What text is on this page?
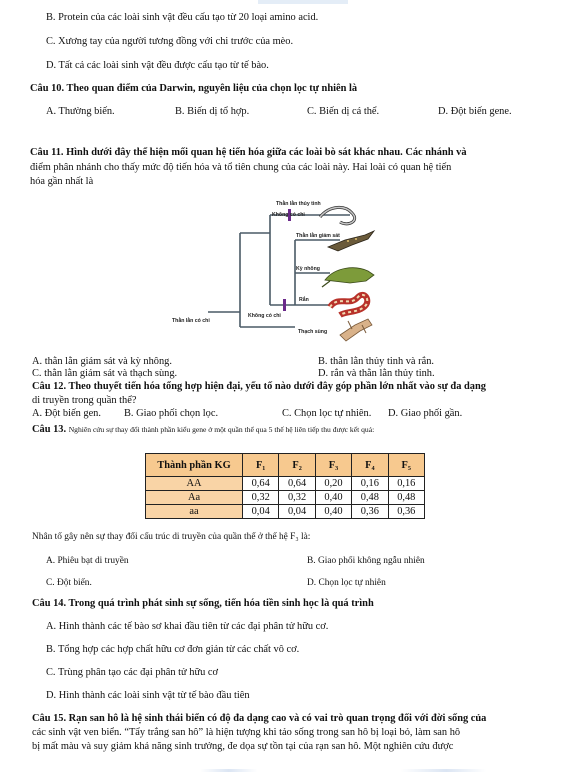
B. Protein của các loài sinh vật đều cấu tạo từ 20 loại amino acid.
C. Xương tay của người tương đồng với chi trước của mèo.
D. Tất cả các loài sinh vật đều được cấu tạo từ tế bào.
Câu 10. Theo quan điểm của Darwin, nguyên liệu của chọn lọc tự nhiên là
A. Thường biến.	B. Biến dị tổ hợp.	C. Biến dị cá thể.	D. Đột biến gene.
Câu 11. Hình dưới đây thể hiện mối quan hệ tiến hóa giữa các loài bò sát khác nhau. Các nhánh và
điểm phân nhánh cho thấy mức độ tiến hóa và tổ tiên chung của các loài này. Hai loài có quan hệ tiến
hóa gần nhất là
Thằn lằn thủy tinh
Không có chi
Thằn lằn giám sát
Kỳ nhông
Rắn
Không có chi
Thằn lằn có chi
Thạch sùng
A. thằn lằn giám sát và kỳ nhông.	B. thằn lằn thủy tinh và rắn.
C. thằn lằn giám sát và thạch sùng.	D. rắn và thằn lằn thủy tinh.
Câu 12. Theo thuyết tiến hóa tổng hợp hiện đại, yếu tố nào dưới đây góp phần lớn nhất vào sự đa dạng
di truyền trong quần thể?
A. Đột biến gen. B. Giao phối chọn lọc.	C. Chọn lọc tự nhiên. D. Giao phối gần.
Câu 13. Nghiên cứu sự thay đổi thành phần kiểu gene ở một quần thể qua 5 thế hệ liên tiếp thu được kết quả:
Thành phần KG	F₁	F₂	F₃	F₄	F₅
AA	0,64	0,64	0,20	0,16	0,16
Aa	0,32	0,32	0,40	0,48	0,48
aa	0,04	0,04	0,40	0,36	0,36
Nhân tố gây nên sự thay đổi cấu trúc di truyền của quần thể ở thế hệ F₃ là:
A. Phiêu bạt di truyền	B. Giao phối không ngẫu nhiên
C. Đột biến.	D. Chọn lọc tự nhiên
Câu 14. Trong quá trình phát sinh sự sống, tiến hóa tiền sinh học là quá trình
A. Hình thành các tế bào sơ khai đầu tiên từ các đại phân tử hữu cơ.
B. Tổng hợp các hợp chất hữu cơ đơn giản từ các chất vô cơ.
C. Trùng phân tạo các đại phân tử hữu cơ
D. Hình thành các loài sinh vật từ tế bào đầu tiên
Câu 15. Rạn san hô là hệ sinh thái biển có độ đa dạng cao và có vai trò quan trọng đối với đời sống của
các sinh vật ven biển. “Tẩy trắng san hô” là hiện tượng khi tảo sống trong san hô bị loại bỏ, làm san hô
bị mất màu và suy giảm khả năng sinh trưởng, đe dọa sự tồn tại của rạn san hô. Một nghiên cứu được
